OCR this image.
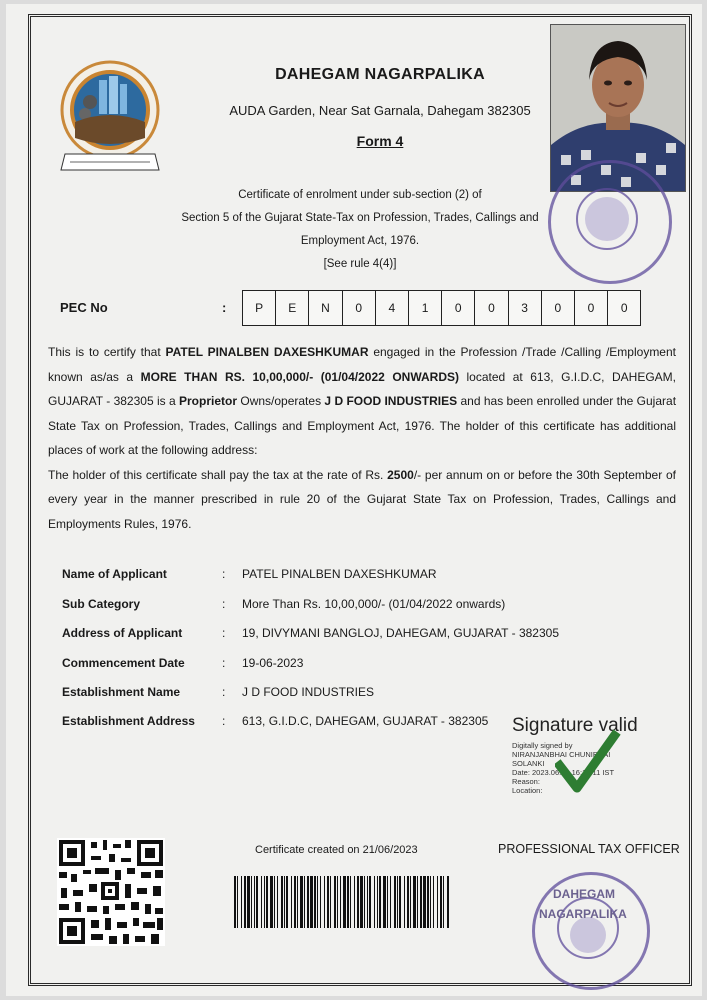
DAHEGAM NAGARPALIKA
AUDA Garden, Near Sat Garnala, Dahegam 382305
Form 4
Certificate of enrolment under sub-section (2) of
Section 5 of the Gujarat State-Tax on Profession, Trades, Callings and
Employment Act, 1976.
[See rule 4(4)]
PEC No	:	P	E	N	0	4	1	0	0	3	0	0	0
This is to certify that PATEL PINALBEN DAXESHKUMAR engaged in the Profession /Trade /Calling /Employment known as/as a MORE THAN RS. 10,00,000/- (01/04/2022 ONWARDS) located at 613, G.I.D.C, DAHEGAM, GUJARAT - 382305 is a Proprietor Owns/operates J D FOOD INDUSTRIES and has been enrolled under the Gujarat State Tax on Profession, Trades, Callings and Employment Act, 1976. The holder of this certificate has additional places of work at the following address:
The holder of this certificate shall pay the tax at the rate of Rs. 2500/- per annum on or before the 30th September of every year in the manner prescribed in rule 20 of the Gujarat State Tax on Profession, Trades, Callings and Employments Rules, 1976.
Name of Applicant	:	PATEL PINALBEN DAXESHKUMAR
Sub Category	:	More Than Rs. 10,00,000/- (01/04/2022 onwards)
Address of Applicant	:	19, DIVYMANI BANGLOJ, DAHEGAM, GUJARAT - 382305
Commencement Date	:	19-06-2023
Establishment Name	:	J D FOOD INDUSTRIES
Establishment Address	:	613, G.I.D.C, DAHEGAM, GUJARAT - 382305 Signature valid
Digitally signed by
NIRANJANBHAI CHUNIBHAI
SOLANKI
Date: 2023.06.21 16:12:11 IST
Reason:
Location:
Certificate created on 21/06/2023	PROFESSIONAL TAX OFFICER
DAHEGAM
NAGARPALIKA
